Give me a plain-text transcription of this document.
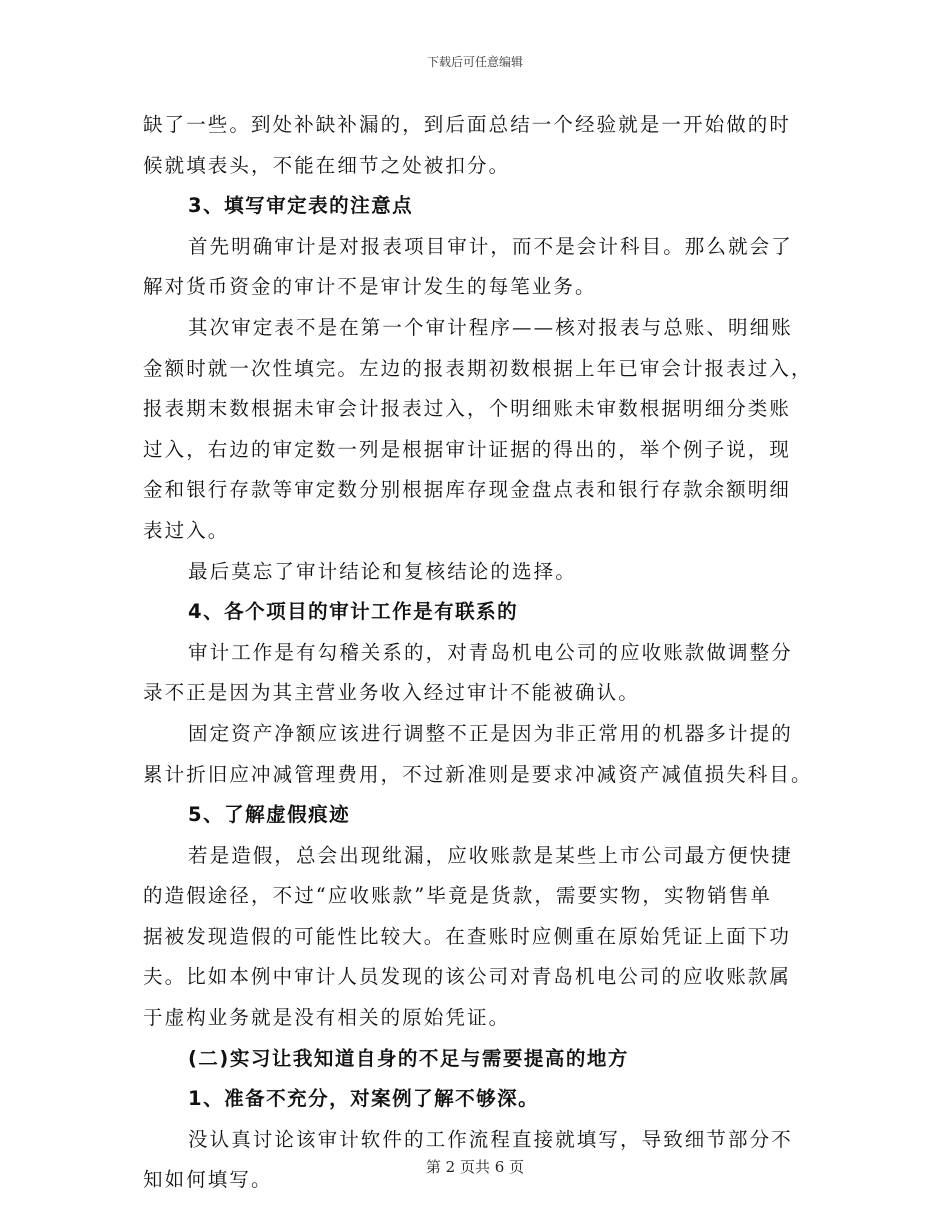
下载后可任意编辑
缺了一些。到处补缺补漏的，到后面总结一个经验就是一开始做的时
候就填表头，不能在细节之处被扣分。
3、填写审定表的注意点
首先明确审计是对报表项目审计，而不是会计科目。那么就会了
解对货币资金的审计不是审计发生的每笔业务。
其次审定表不是在第一个审计程序——核对报表与总账、明细账
金额时就一次性填完。左边的报表期初数根据上年已审会计报表过入，
报表期末数根据未审会计报表过入，个明细账未审数根据明细分类账
过入，右边的审定数一列是根据审计证据的得出的，举个例子说，现
金和银行存款等审定数分别根据库存现金盘点表和银行存款余额明细
表过入。
最后莫忘了审计结论和复核结论的选择。
4、各个项目的审计工作是有联系的
审计工作是有勾稽关系的，对青岛机电公司的应收账款做调整分
录不正是因为其主营业务收入经过审计不能被确认。
固定资产净额应该进行调整不正是因为非正常用的机器多计提的
累计折旧应冲减管理费用，不过新准则是要求冲减资产减值损失科目。
5、了解虚假痕迹
若是造假，总会出现纰漏，应收账款是某些上市公司最方便快捷
的造假途径，不过“应收账款”毕竟是货款，需要实物，实物销售单
据被发现造假的可能性比较大。在查账时应侧重在原始凭证上面下功
夫。比如本例中审计人员发现的该公司对青岛机电公司的应收账款属
于虚构业务就是没有相关的原始凭证。
(二)实习让我知道自身的不足与需要提高的地方
1、准备不充分，对案例了解不够深。
没认真讨论该审计软件的工作流程直接就填写，导致细节部分不
知如何填写。
第 2 页共 6 页
